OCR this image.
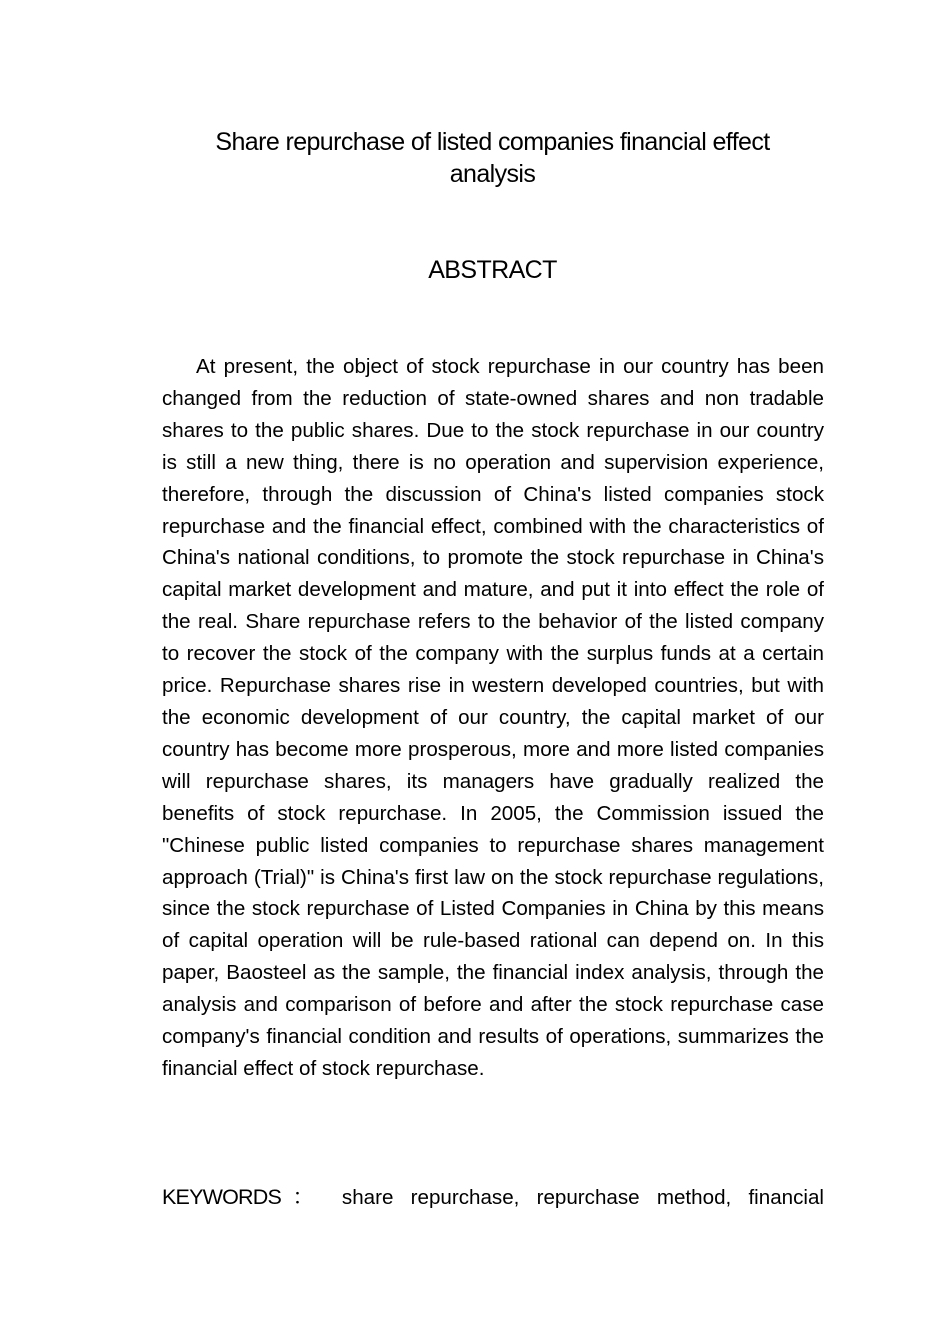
Share repurchase of listed companies financial effect analysis
ABSTRACT

At present, the object of stock repurchase in our country has been changed from the reduction of state-owned shares and non tradable shares to the public shares. Due to the stock repurchase in our country is still a new thing, there is no operation and supervision experience, therefore, through the discussion of China's listed companies stock repurchase and the financial effect, combined with the characteristics of China's national conditions, to promote the stock repurchase in China's capital market development and mature, and put it into effect the role of the real. Share repurchase refers to the behavior of the listed company to recover the stock of the company with the surplus funds at a certain price. Repurchase shares rise in western developed countries, but with the economic development of our country, the capital market of our country has become more prosperous, more and more listed companies will repurchase shares, its managers have gradually realized the benefits of stock repurchase. In 2005, the Commission issued the "Chinese public listed companies to repurchase shares management approach (Trial)" is China's first law on the stock repurchase regulations, since the stock repurchase of Listed Companies in China by this means of capital operation will be rule-based rational can depend on. In this paper, Baosteel as the sample, the financial index analysis, through the analysis and comparison of before and after the stock repurchase case company's financial condition and results of operations, summarizes the financial effect of stock repurchase.

KEYWORDS： share repurchase, repurchase method, financial
